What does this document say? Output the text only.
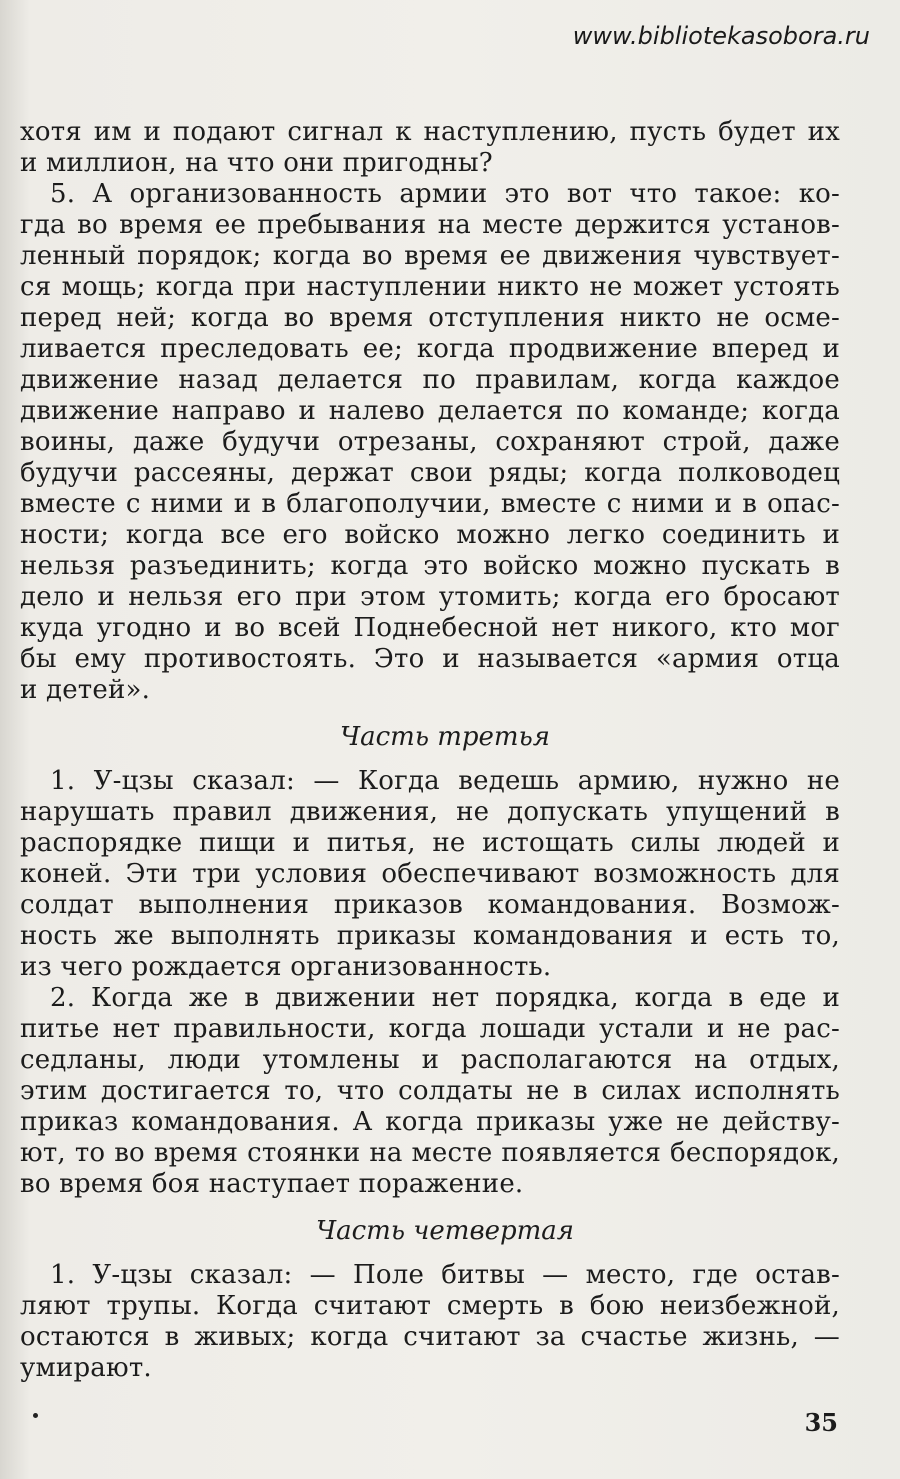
www.bibliotekasobora.ru
хотя им и подают сигнал к наступлению, пусть будет их
и миллион, на что они пригодны?
5. А организованность армии это вот что такое: ко-
гда во время ее пребывания на месте держится установ-
ленный порядок; когда во время ее движения чувствует-
ся мощь; когда при наступлении никто не может устоять
перед ней; когда во время отступления никто не осме-
ливается преследовать ее; когда продвижение вперед и
движение назад делается по правилам, когда каждое
движение направо и налево делается по команде; когда
воины, даже будучи отрезаны, сохраняют строй, даже
будучи рассеяны, держат свои ряды; когда полководец
вместе с ними и в благополучии, вместе с ними и в опас-
ности; когда все его войско можно легко соединить и
нельзя разъединить; когда это войско можно пускать в
дело и нельзя его при этом утомить; когда его бросают
куда угодно и во всей Поднебесной нет никого, кто мог
бы ему противостоять. Это и называется «армия отца
и детей».
Часть третья
1. У-цзы сказал: — Когда ведешь армию, нужно не
нарушать правил движения, не допускать упущений в
распорядке пищи и питья, не истощать силы людей и
коней. Эти три условия обеспечивают возможность для
солдат выполнения приказов командования. Возмож-
ность же выполнять приказы командования и есть то,
из чего рождается организованность.
2. Когда же в движении нет порядка, когда в еде и
питье нет правильности, когда лошади устали и не рас-
седланы, люди утомлены и располагаются на отдых,
этим достигается то, что солдаты не в силах исполнять
приказ командования. А когда приказы уже не действу-
ют, то во время стоянки на месте появляется беспорядок,
во время боя наступает поражение.
Часть четвертая
1. У-цзы сказал: — Поле битвы — место, где остав-
ляют трупы. Когда считают смерть в бою неизбежной,
остаются в живых; когда считают за счастье жизнь, —
умирают.
35
